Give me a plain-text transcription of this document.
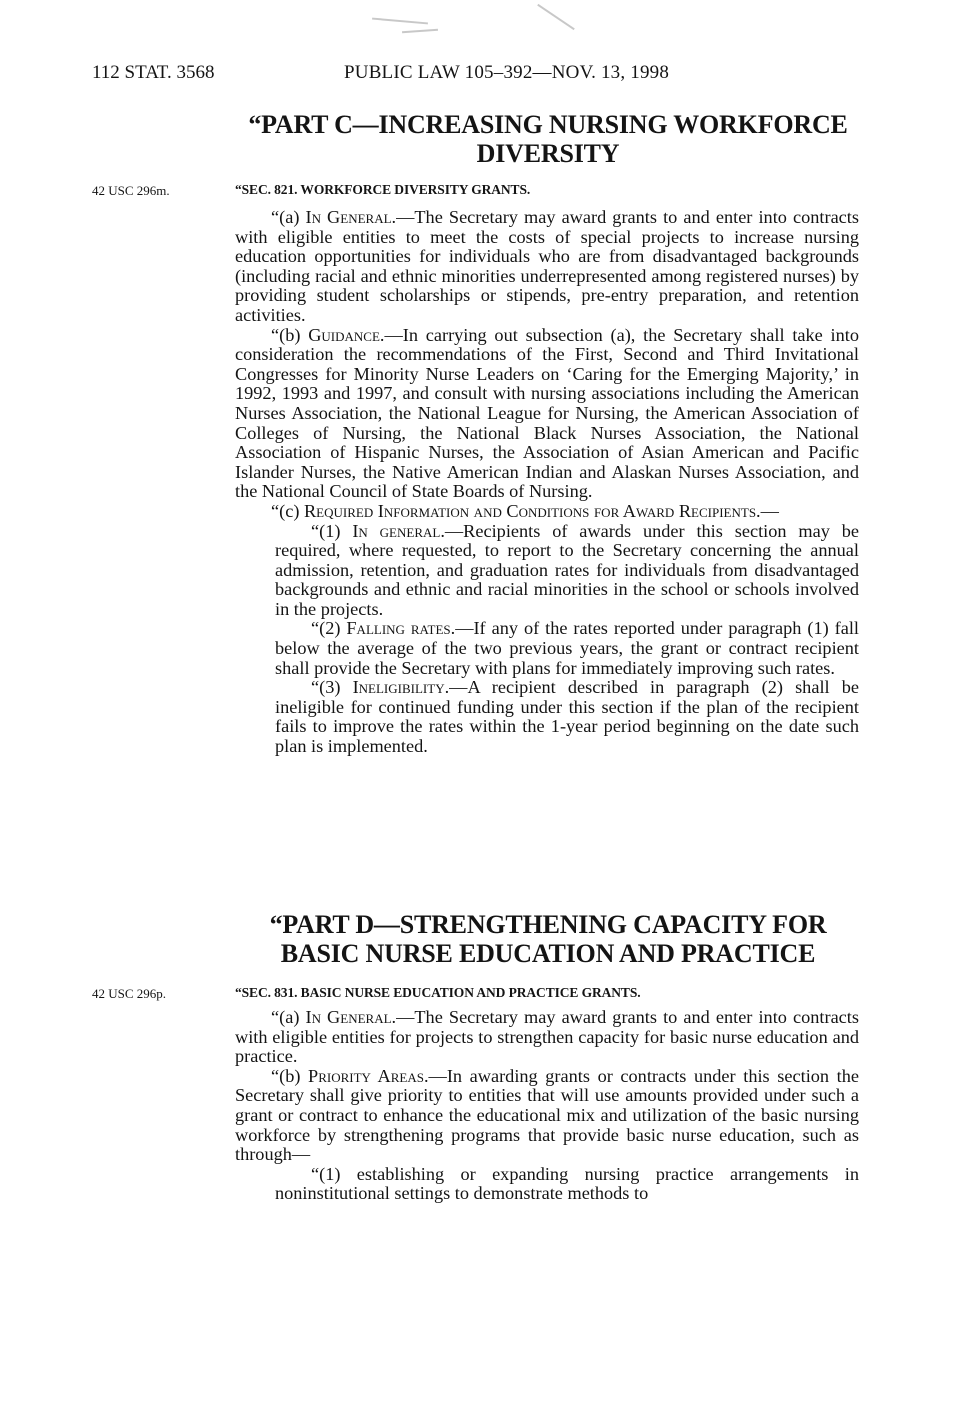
112 STAT. 3568	PUBLIC LAW 105–392—NOV. 13, 1998
“PART C—INCREASING NURSING WORKFORCE DIVERSITY
42 USC 296m.	“SEC. 821. WORKFORCE DIVERSITY GRANTS.

“(a) In General.—The Secretary may award grants to and enter into contracts with eligible entities to meet the costs of special projects to increase nursing education opportunities for individuals who are from disadvantaged backgrounds (including racial and ethnic minorities underrepresented among registered nurses) by providing student scholarships or stipends, pre-entry preparation, and retention activities.

“(b) Guidance.—In carrying out subsection (a), the Secretary shall take into consideration the recommendations of the First, Second and Third Invitational Congresses for Minority Nurse Leaders on ‘Caring for the Emerging Majority,’ in 1992, 1993 and 1997, and consult with nursing associations including the American Nurses Association, the National League for Nursing, the American Association of Colleges of Nursing, the National Black Nurses Association, the National Association of Hispanic Nurses, the Association of Asian American and Pacific Islander Nurses, the Native American Indian and Alaskan Nurses Association, and the National Council of State Boards of Nursing.

“(c) Required Information and Conditions for Award Recipients.—

“(1) In general.—Recipients of awards under this section may be required, where requested, to report to the Secretary concerning the annual admission, retention, and graduation rates for individuals from disadvantaged backgrounds and ethnic and racial minorities in the school or schools involved in the projects.

“(2) Falling rates.—If any of the rates reported under paragraph (1) fall below the average of the two previous years, the grant or contract recipient shall provide the Secretary with plans for immediately improving such rates.

“(3) Ineligibility.—A recipient described in paragraph (2) shall be ineligible for continued funding under this section if the plan of the recipient fails to improve the rates within the 1-year period beginning on the date such plan is implemented.

“PART D—STRENGTHENING CAPACITY FOR BASIC NURSE EDUCATION AND PRACTICE
42 USC 296p.	“SEC. 831. BASIC NURSE EDUCATION AND PRACTICE GRANTS.

“(a) In General.—The Secretary may award grants to and enter into contracts with eligible entities for projects to strengthen capacity for basic nurse education and practice.

“(b) Priority Areas.—In awarding grants or contracts under this section the Secretary shall give priority to entities that will use amounts provided under such a grant or contract to enhance the educational mix and utilization of the basic nursing workforce by strengthening programs that provide basic nurse education, such as through—

“(1) establishing or expanding nursing practice arrangements in noninstitutional settings to demonstrate methods to
